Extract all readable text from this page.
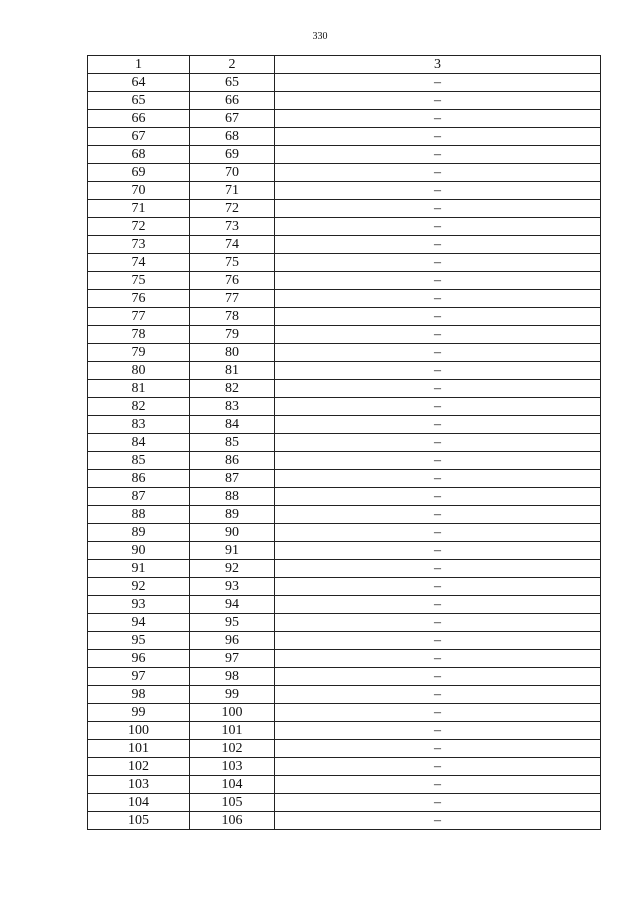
330
1	2	3
64	65	–
65	66	–
66	67	–
67	68	–
68	69	–
69	70	–
70	71	–
71	72	–
72	73	–
73	74	–
74	75	–
75	76	–
76	77	–
77	78	–
78	79	–
79	80	–
80	81	–
81	82	–
82	83	–
83	84	–
84	85	–
85	86	–
86	87	–
87	88	–
88	89	–
89	90	–
90	91	–
91	92	–
92	93	–
93	94	–
94	95	–
95	96	–
96	97	–
97	98	–
98	99	–
99	100	–
100	101	–
101	102	–
102	103	–
103	104	–
104	105	–
105	106	–
